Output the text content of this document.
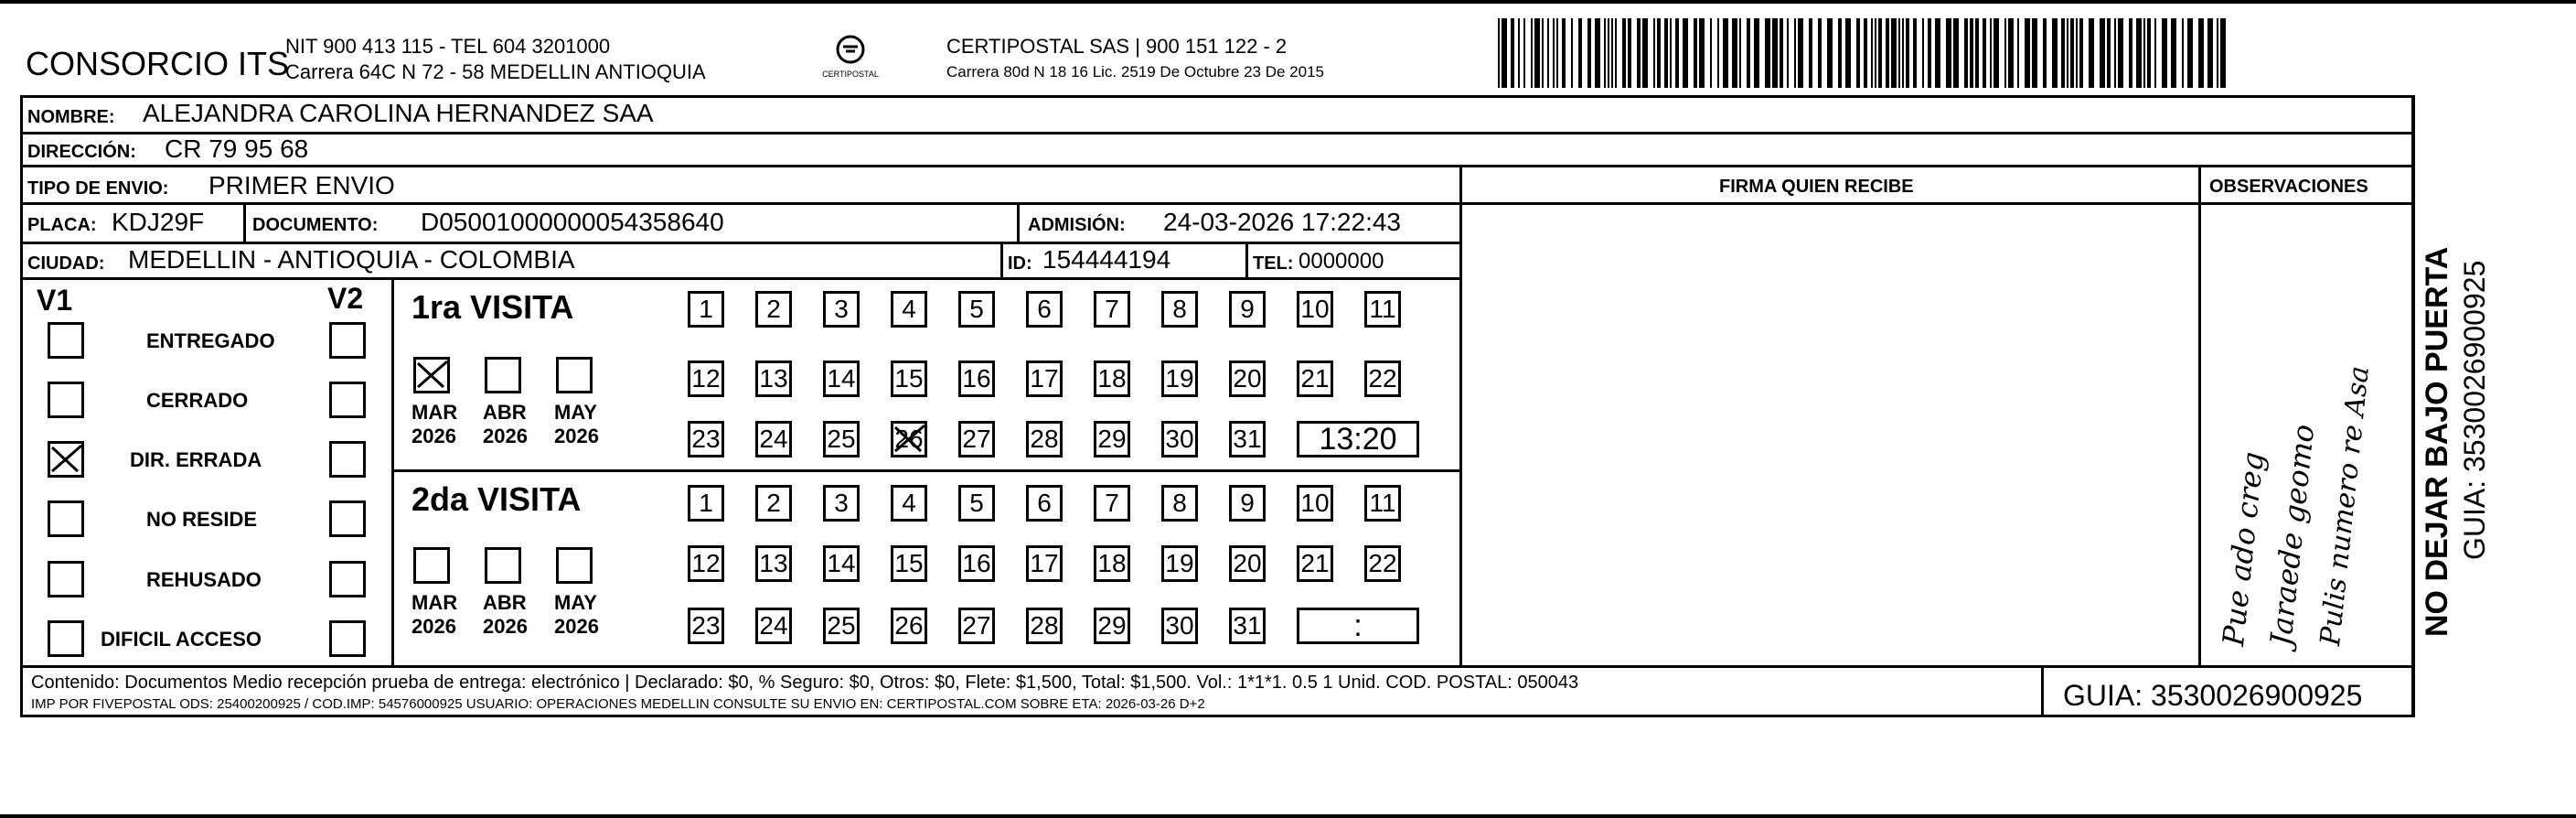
CONSORCIO ITS
NIT 900 413 115 - TEL 604 3201000
Carrera 64C N 72 - 58 MEDELLIN ANTIOQUIA	CERTIPOSTAL
CERTIPOSTAL SAS | 900 151 122 - 2
Carrera 80d N 18 16 Lic. 2519 De Octubre 23 De 2015
NOMBRE: ALEJANDRA CAROLINA HERNANDEZ SAA
DIRECCIÓN: CR 79 95 68
TIPO DE ENVIO: PRIMER ENVIO	FIRMA QUIEN RECIBE	OBSERVACIONES
PLACA: KDJ29F	DOCUMENTO: D05001000000054358640	ADMISIÓN: 24-03-2026 17:22:43
CIUDAD: MEDELLIN - ANTIOQUIA - COLOMBIA	ID: 154444194	TEL: 0000000
V1	V2
ENTREGADO
CERRADO
DIR. ERRADA
NO RESIDE
REHUSADO
DIFICIL ACCESO
1ra VISITA
MAR
2026
ABR
2026
MAY
2026
1 2 3 4 5 6 7 8 9 10 11
12 13 14 15 16 17 18 19 20 21 22
23 24 25 26 27 28 29 30 31 13:20
2da VISITA
MAR
2026
ABR
2026
MAY
2026
1 2 3 4 5 6 7 8 9 10 11
12 13 14 15 16 17 18 19 20 21 22
23 24 25 26 27 28 29 30 31	:	Pue ado creg
Jaraede geomo
Pulis numero re Asa NO DEJAR BAJO PUERTA GUIA: 3530026900925
Contenido: Documentos Medio recepción prueba de entrega: electrónico | Declarado: $0, % Seguro: $0, Otros: $0, Flete: $1,500, Total: $1,500. Vol.: 1*1*1. 0.5 1 Unid. COD. POSTAL: 050043
IMP POR FIVEPOSTAL ODS: 25400200925 / COD.IMP: 54576000925 USUARIO: OPERACIONES MEDELLIN CONSULTE SU ENVIO EN: CERTIPOSTAL.COM SOBRE ETA: 2026-03-26 D+2	GUIA: 3530026900925
